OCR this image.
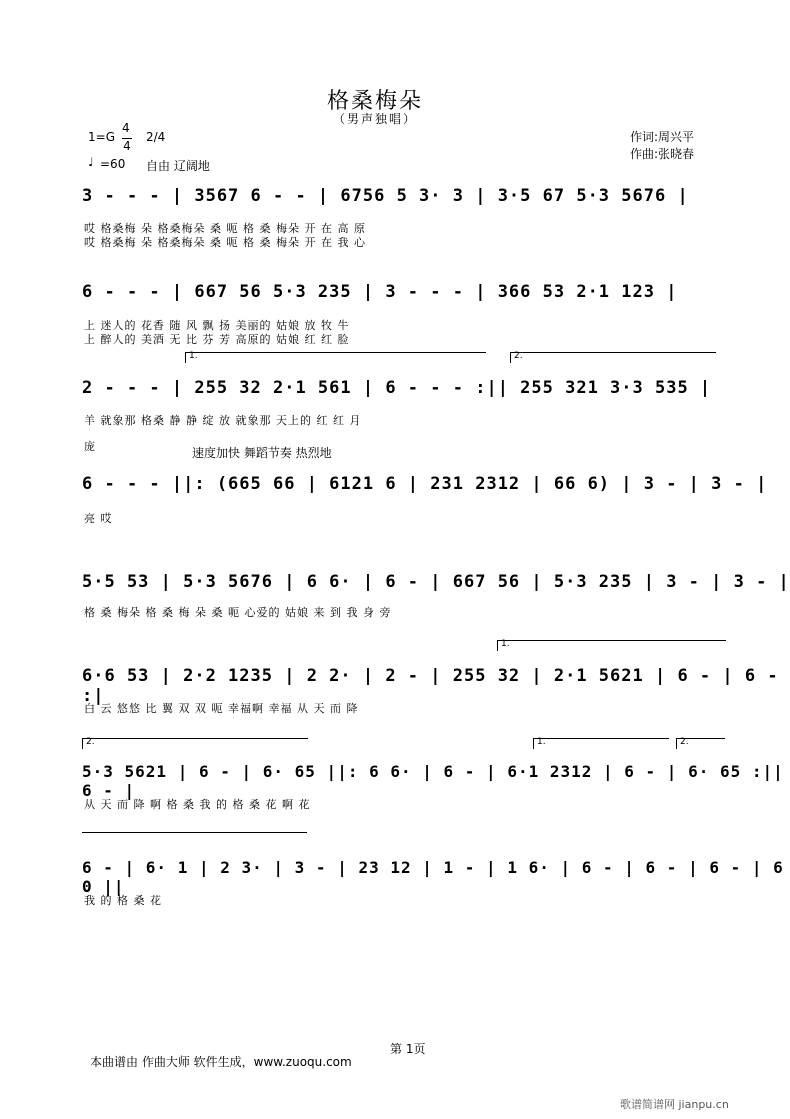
格桑梅朵
（男声独唱）
1=G
4
4
2/4
♩ =60 自由 辽阔地
作词:周兴平
作曲:张晓春
3 - - - | 3567 6 - - | 6756 5 3· 3 | 3·5 67 5·3 5676 |
哎 格桑梅 朵 格桑梅朵 桑 呃 格 桑 梅朵 开 在 高 原
哎 格桑梅 朵 格桑梅朵 桑 呃 格 桑 梅朵 开 在 我 心
6 - - - | 667 56 5·3 235 | 3 - - - | 366 53 2·1 123 |
上 迷人的 花香 随 风 飘 扬 美丽的 姑娘 放 牧 牛
上 醉人的 美酒 无 比 芬 芳 高原的 姑娘 红 红 脸
1.	2.
2 - - - | 255 32 2·1 561 | 6 - - - :|| 255 321 3·3 535 |
羊 就象那 格桑 静 静 绽 放 就象那 天上的 红 红 月
庞	速度加快 舞蹈节奏 热烈地
6 - - - ||: (665 66 | 6121 6 | 231 2312 | 66 6) | 3 - | 3 - |
亮 哎
5·5 53 | 5·3 5676 | 6 6· | 6 - | 667 56 | 5·3 235 | 3 - | 3 - |
格 桑 梅朵 格 桑 梅 朵 桑 呃 心爱的 姑娘 来 到 我 身 旁
1.
6·6 53 | 2·2 1235 | 2 2· | 2 - | 255 32 | 2·1 5621 | 6 - | 6 - :|
白 云 悠悠 比 翼 双 双 呃 幸福啊 幸福 从 天 而 降
2.	1.	2.
5·3 5621 | 6 - | 6· 65 ||: 6 6· | 6 - | 6·1 2312 | 6 - | 6· 65 :|| 6 - |
从 天 而 降 啊 格 桑 我 的 格 桑 花 啊 花
6 - | 6· 1 | 2 3· | 3 - | 23 12 | 1 - | 1 6· | 6 - | 6 - | 6 - | 6 0 ||
我 的 格 桑 花
第 1页
本曲谱由 作曲大师 软件生成，www.zuoqu.com
歌谱简谱网 jianpu.cn
